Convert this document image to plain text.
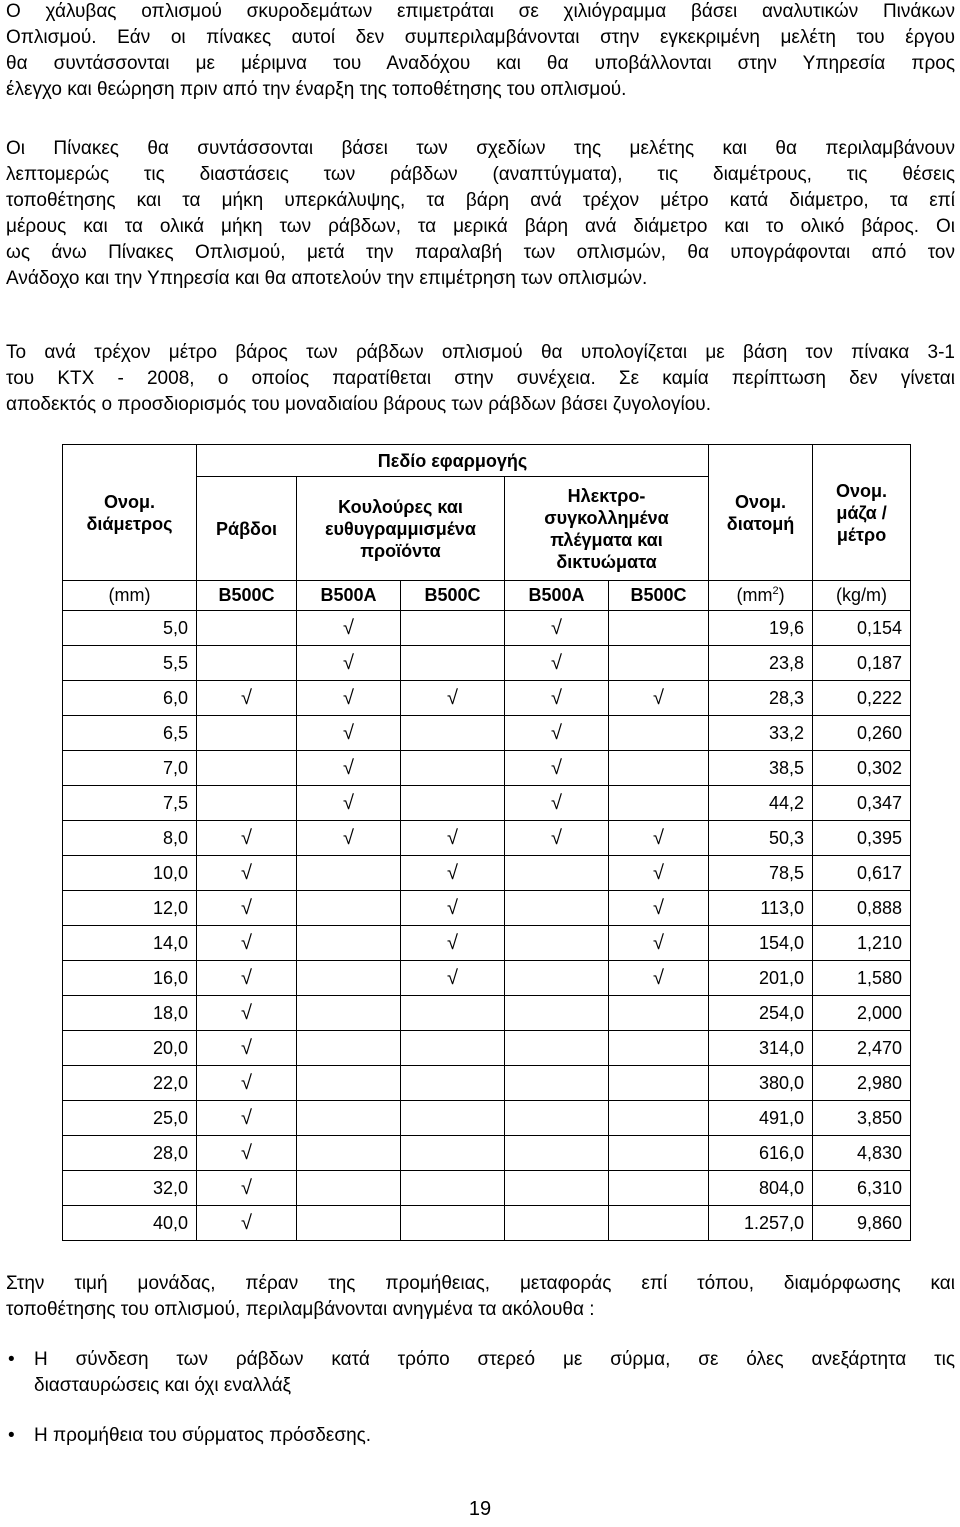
Ο χάλυβας οπλισμού σκυροδεμάτων επιμετράται σε χιλιόγραμμα βάσει αναλυτικών Πινάκων
Οπλισμού. Εάν οι πίνακες αυτοί δεν συμπεριλαμβάνονται στην εγκεκριμένη μελέτη του έργου
θα συντάσσονται με μέριμνα του Αναδόχου και θα υποβάλλονται στην Υπηρεσία προς
έλεγχο και θεώρηση πριν από την έναρξη της τοποθέτησης του οπλισμού.
Οι Πίνακες θα συντάσσονται βάσει των σχεδίων της μελέτης και θα περιλαμβάνουν
λεπτομερώς τις διαστάσεις των ράβδων (αναπτύγματα), τις διαμέτρους, τις θέσεις
τοποθέτησης και τα μήκη υπερκάλυψης, τα βάρη ανά τρέχον μέτρο κατά διάμετρο, τα επί
μέρους και τα ολικά μήκη των ράβδων, τα μερικά βάρη ανά διάμετρο και το ολικό βάρος. Οι
ως άνω Πίνακες Οπλισμού, μετά την παραλαβή των οπλισμών, θα υπογράφονται από τον
Ανάδοχο και την Υπηρεσία και θα αποτελούν την επιμέτρηση των οπλισμών.
Το ανά τρέχον μέτρο βάρος των ράβδων οπλισμού θα υπολογίζεται με βάση τον πίνακα 3-1
του ΚΤΧ - 2008, ο οποίος παρατίθεται στην συνέχεια. Σε καμία περίπτωση δεν γίνεται
αποδεκτός ο προσδιορισμός του μοναδιαίου βάρους των ράβδων βάσει ζυγολογίου.
Ονομ. διάμετρος	Πεδίο εφαρμογής					Ονομ. διατομή	Ονομ. μάζα / μέτρο
	Ράβδοι	Κουλούρες και ευθυγραμμισμένα προϊόντα		Ηλεκτρο-συγκολλημένα πλέγματα και δικτυώματα			
(mm)	B500C	B500A	B500C	B500A	B500C	$(mm^2)$	(kg/m)
5,0		√		√		19,6	0,154
5,5		√		√		23,8	0,187
6,0	√	√	√	√	√	28,3	0,222
6,5		√		√		33,2	0,260
7,0		√		√		38,5	0,302
7,5		√		√		44,2	0,347
8,0	√	√	√	√	√	50,3	0,395
10,0	√		√		√	78,5	0,617
12,0	√		√		√	113,0	0,888
14,0	√		√		√	154,0	1,210
16,0	√		√		√	201,0	1,580
18,0	√					254,0	2,000
20,0	√					314,0	2,470
22,0	√					380,0	2,980
25,0	√					491,0	3,850
28,0	√					616,0	4,830
32,0	√					804,0	6,310
40,0	√					1.257,0	9,860
Στην τιμή μονάδας, πέραν της προμήθειας, μεταφοράς επί τόπου, διαμόρφωσης και
τοποθέτησης του οπλισμού, περιλαμβάνονται ανηγμένα τα ακόλουθα :
• Η σύνδεση των ράβδων κατά τρόπο στερεό με σύρμα, σε όλες ανεξάρτητα τις
διασταυρώσεις και όχι εναλλάξ
• Η προμήθεια του σύρματος πρόσδεσης.
19
